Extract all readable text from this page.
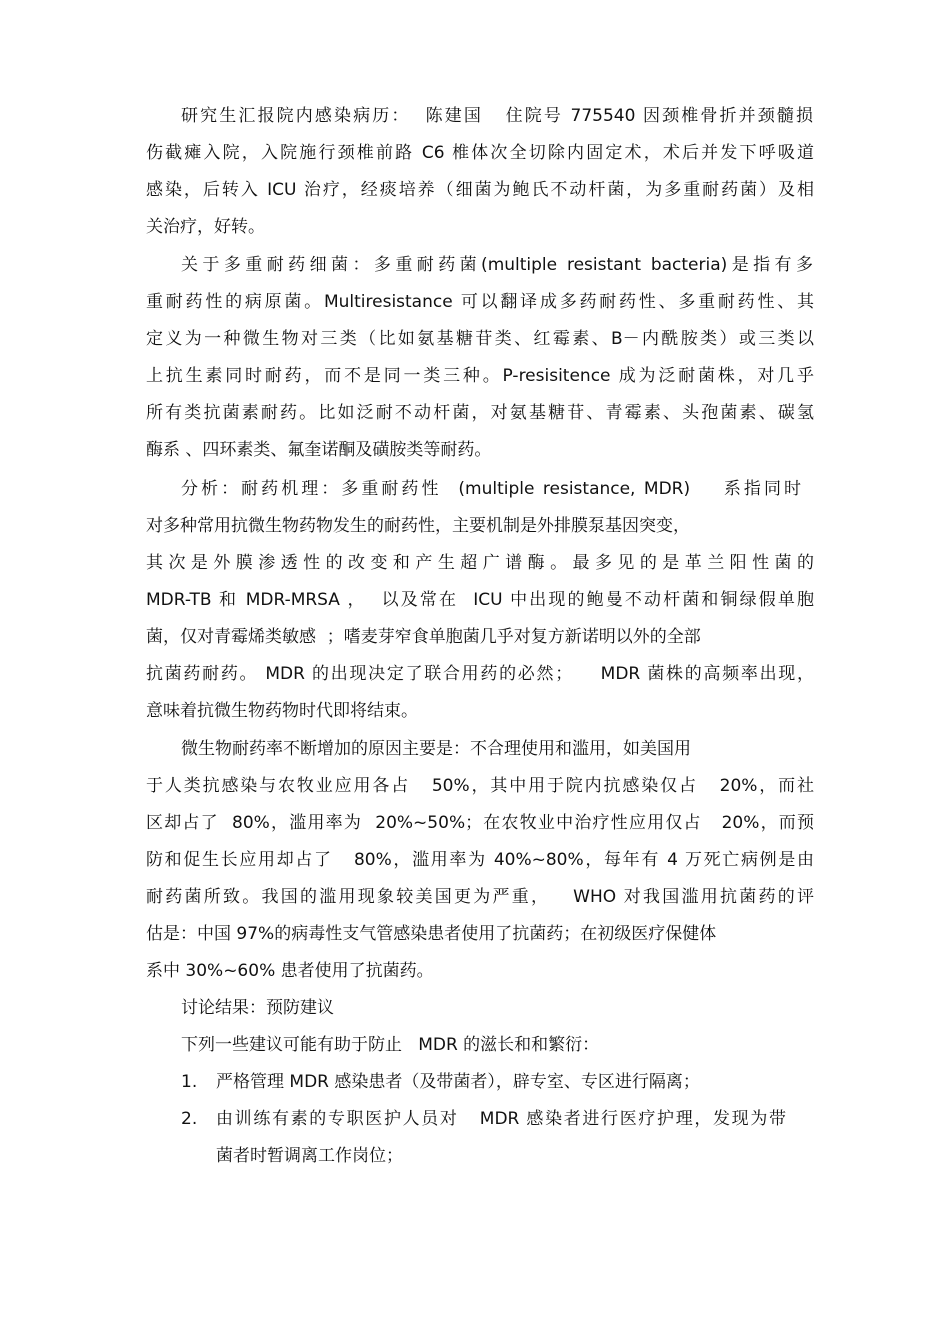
研究生汇报院内感染病历：  陈建国   住院号 775540 因颈椎骨折并颈髓损
伤截瘫入院，入院施行颈椎前路 C6 椎体次全切除内固定术，术后并发下呼吸道
感染，后转入 ICU 治疗，经痰培养（细菌为鲍氏不动杆菌，为多重耐药菌）及相
关治疗，好转。
关于多重耐药细菌：多重耐药菌(multiple resistant bacteria)是指有多
重耐药性的病原菌。Multiresistance 可以翻译成多药耐药性、多重耐药性、其
定义为一种微生物对三类（比如氨基糖苷类、红霉素、B－内酰胺类）或三类以
上抗生素同时耐药，而不是同一类三种。P-resisitence 成为泛耐菌株，对几乎
所有类抗菌素耐药。比如泛耐不动杆菌，对氨基糖苷、青霉素、头孢菌素、碳氢
酶系 、四环素类、氟奎诺酮及磺胺类等耐药。
分析：耐药机理：多重耐药性  (multiple resistance, MDR)    系指同时
对多种常用抗微生物药物发生的耐药性，主要机制是外排膜泵基因突变，
其次是外膜渗透性的改变和产生超广谱酶。最多见的是革兰阳性菌的
MDR-TB 和 MDR-MRSA ，  以及常在  ICU 中出现的鲍曼不动杆菌和铜绿假单胞
菌，仅对青霉烯类敏感  ；嗜麦芽窄食单胞菌几乎对复方新诺明以外的全部
抗菌药耐药。 MDR 的出现决定了联合用药的必然；    MDR 菌株的高频率出现，
意味着抗微生物药物时代即将结束。
微生物耐药率不断增加的原因主要是：不合理使用和滥用，如美国用
于人类抗感染与农牧业应用各占   50%，其中用于院内抗感染仅占   20%，而社
区却占了  80%，滥用率为  20%~50%；在农牧业中治疗性应用仅占   20%，而预
防和促生长应用却占了   80%，滥用率为 40%~80%，每年有 4 万死亡病例是由
耐药菌所致。我国的滥用现象较美国更为严重，   WHO 对我国滥用抗菌药的评
估是：中国 97%的病毒性支气管感染患者使用了抗菌药；在初级医疗保健体
系中 30%~60% 患者使用了抗菌药。
讨论结果：预防建议
下列一些建议可能有助于防止   MDR 的滋长和和繁衍：
1. 严格管理 MDR 感染患者（及带菌者），辟专室、专区进行隔离；
2. 由训练有素的专职医护人员对   MDR 感染者进行医疗护理，发现为带
菌者时暂调离工作岗位；
